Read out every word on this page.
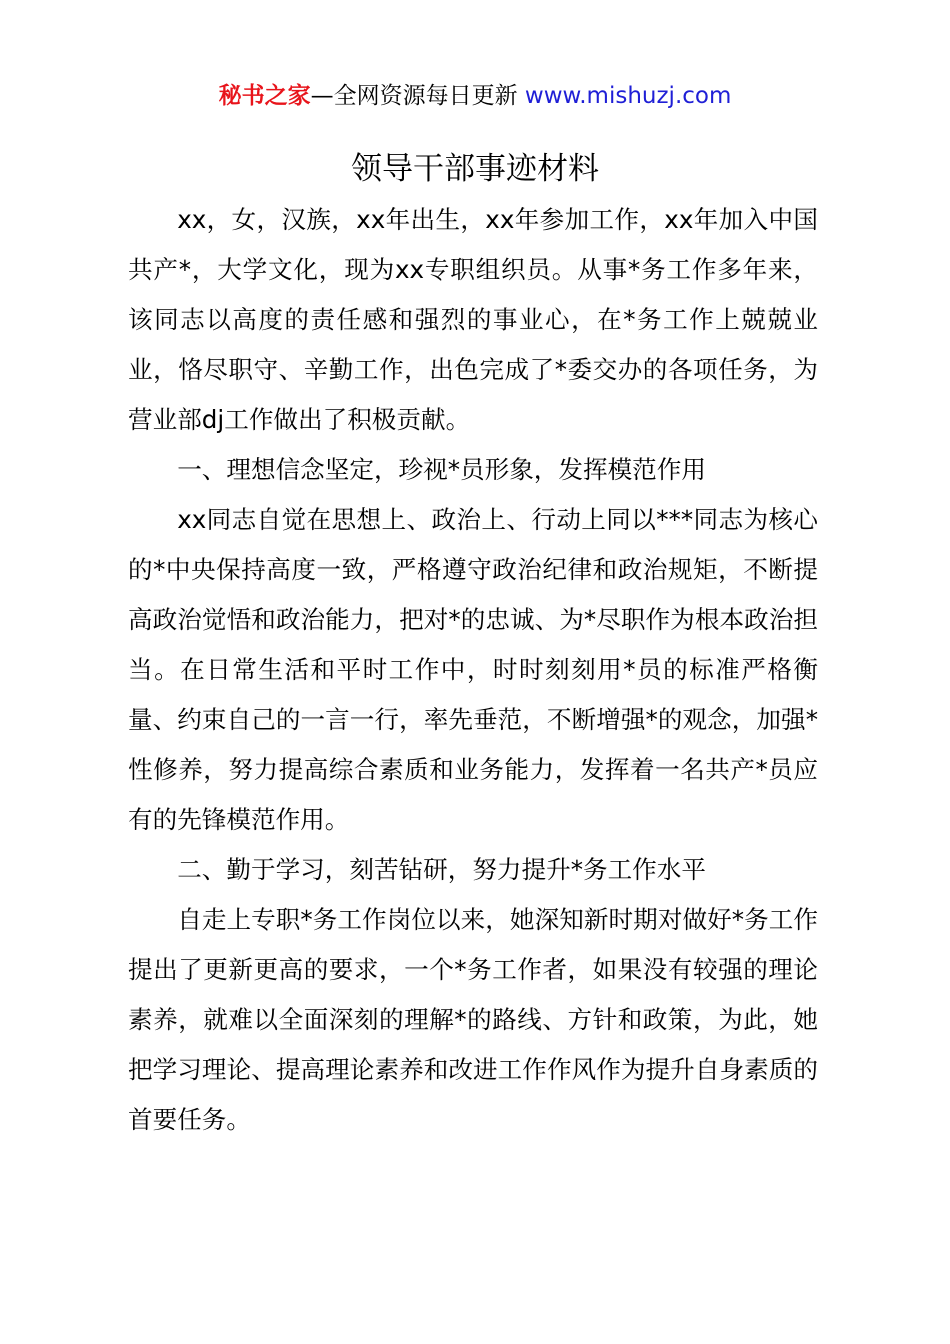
秘书之家—全网资源每日更新 www.mishuzj.com
领导干部事迹材料

xx，女，汉族，xx年出生，xx年参加工作，xx年加入中国共产*，大学文化，现为xx专职组织员。从事*务工作多年来，该同志以高度的责任感和强烈的事业心，在*务工作上兢兢业业，恪尽职守、辛勤工作，出色完成了*委交办的各项任务，为营业部dj工作做出了积极贡献。

一、理想信念坚定，珍视*员形象，发挥模范作用

xx同志自觉在思想上、政治上、行动上同以***同志为核心的*中央保持高度一致，严格遵守政治纪律和政治规矩，不断提高政治觉悟和政治能力，把对*的忠诚、为*尽职作为根本政治担当。在日常生活和平时工作中，时时刻刻用*员的标准严格衡量、约束自己的一言一行，率先垂范，不断增强*的观念，加强*性修养，努力提高综合素质和业务能力，发挥着一名共产*员应有的先锋模范作用。

二、勤于学习，刻苦钻研，努力提升*务工作水平

自走上专职*务工作岗位以来，她深知新时期对做好*务工作提出了更新更高的要求，一个*务工作者，如果没有较强的理论素养，就难以全面深刻的理解*的路线、方针和政策，为此，她把学习理论、提高理论素养和改进工作作风作为提升自身素质的首要任务。
